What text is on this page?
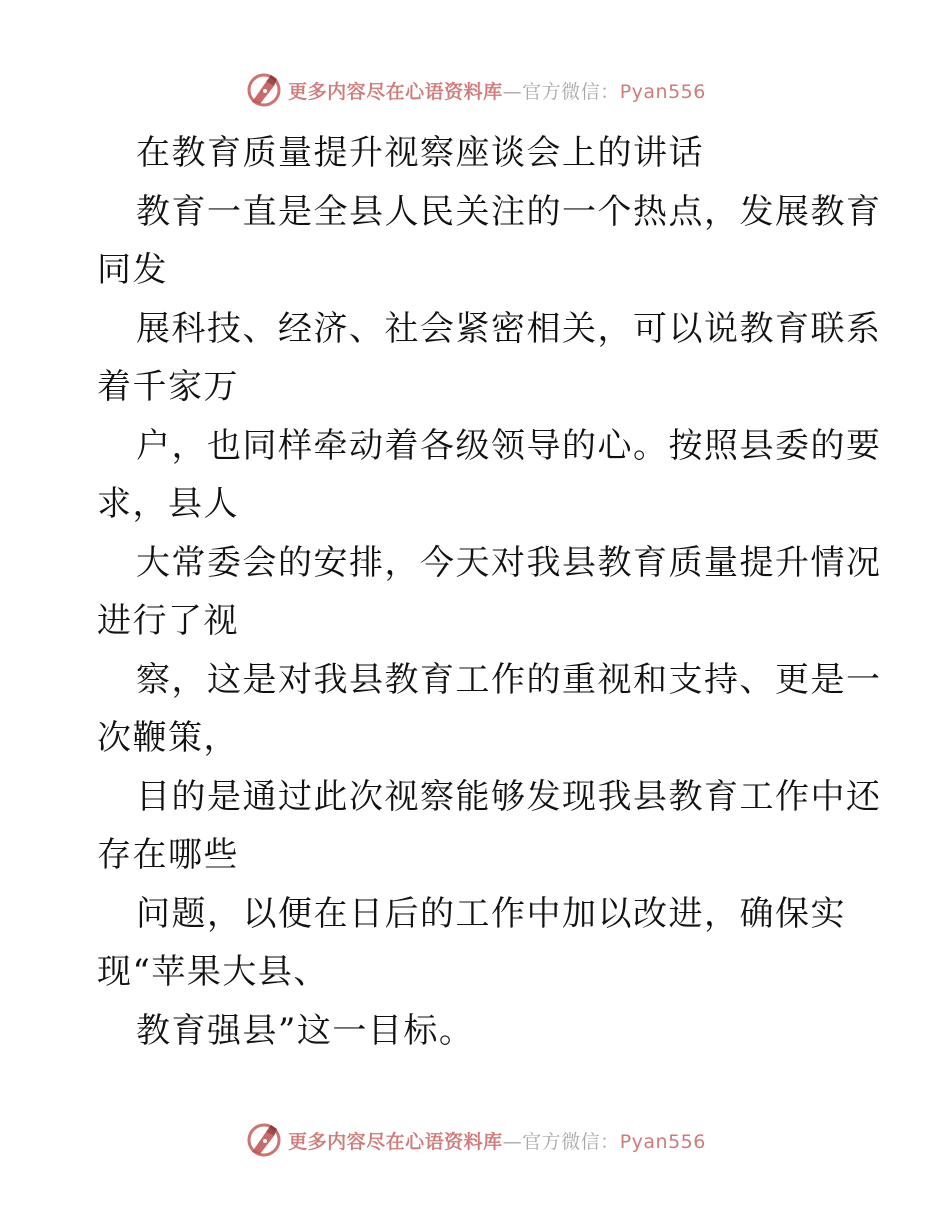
更多内容尽在心语资料库—官方微信：Pyan556
在教育质量提升视察座谈会上的讲话
教育一直是全县人民关注的一个热点，发展教育
同发
展科技、经济、社会紧密相关，可以说教育联系
着千家万
户，也同样牵动着各级领导的心。按照县委的要
求，县人
大常委会的安排，今天对我县教育质量提升情况
进行了视
察，这是对我县教育工作的重视和支持、更是一
次鞭策，
目的是通过此次视察能够发现我县教育工作中还
存在哪些
问题，以便在日后的工作中加以改进，确保实
现“苹果大县、
教育强县”这一目标。
更多内容尽在心语资料库—官方微信：Pyan556
